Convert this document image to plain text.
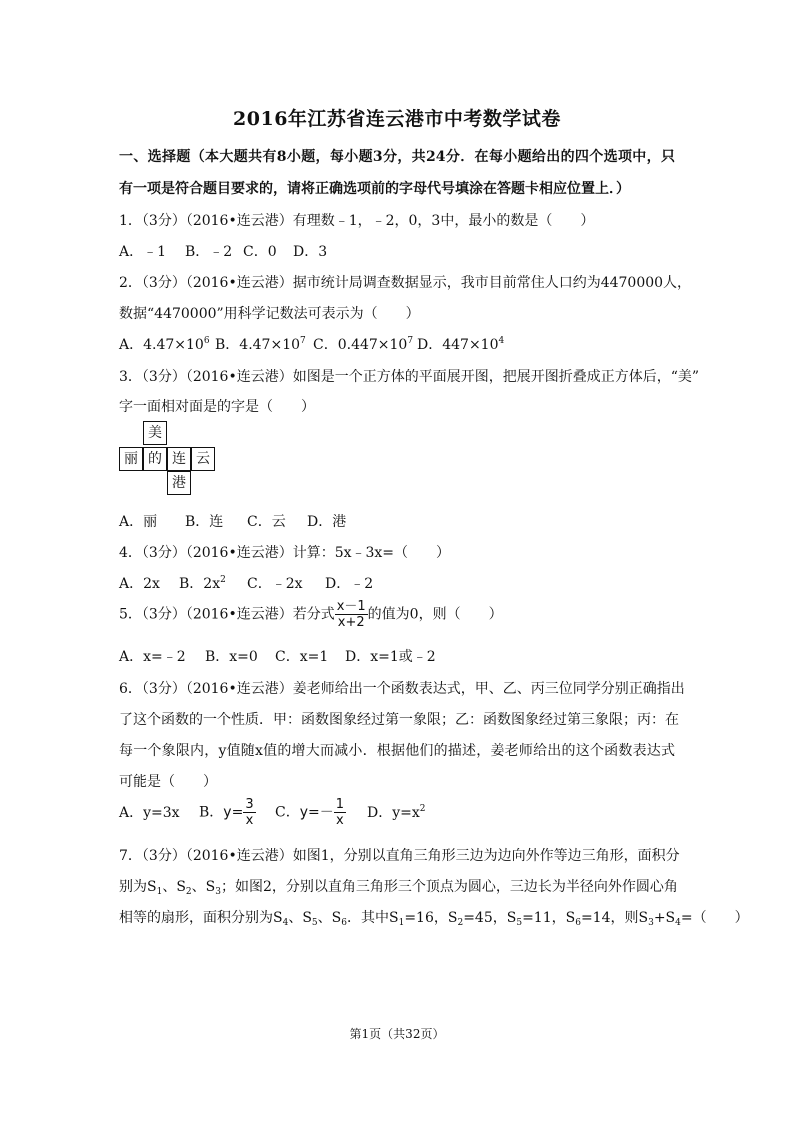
2016年江苏省连云港市中考数学试卷
一、选择题（本大题共有8小题，每小题3分，共24分．在每小题给出的四个选项中，只
有一项是符合题目要求的，请将正确选项前的字母代号填涂在答题卡相应位置上．）
1．（3分）（2016•连云港）有理数﹣1，﹣2，0，3中，最小的数是（　　）
A．﹣1 B．﹣2 C．0 D．3
2．（3分）（2016•连云港）据市统计局调查数据显示，我市目前常住人口约为4470000人，
数据“4470000”用科学记数法可表示为（　　）
A．$4.47\times 10^6$ B．$4.47\times 10^7$ C．$0.447\times 10^7$ D．$447\times 10^4$
3．（3分）（2016•连云港）如图是一个正方体的平面展开图，把展开图折叠成正方体后，“美”
字一面相对面是的字是（　　）
美
丽 的 连 云
港
A．丽 B．连 C．云 D．港
4．（3分）（2016•连云港）计算：5x﹣3x=（　　）
A．2x B．$2x^2$ C．﹣2x D．﹣2
5．（3分）（2016•连云港）若分式 $\frac{x-1}{x+2}$ 的值为0，则（　　）
A．x=﹣2 B．x=0 C．x=1 D．x=1或﹣2
6．（3分）（2016•连云港）姜老师给出一个函数表达式，甲、乙、丙三位同学分别正确指出
了这个函数的一个性质．甲：函数图象经过第一象限；乙：函数图象经过第三象限；丙：在
每一个象限内，y值随x值的增大而减小．根据他们的描述，姜老师给出的这个函数表达式
可能是（　　）
A．y=3x B．$y= \frac{3}{x}$ C．$y=- \frac{1}{x}$ D．$y=x^2$
7．（3分）（2016•连云港）如图1，分别以直角三角形三边为边向外作等边三角形，面积分
别为$S_1$、$S_2$、$S_3$；如图2，分别以直角三角形三个顶点为圆心，三边长为半径向外作圆心角
相等的扇形，面积分别为$S_4$、$S_5$、$S_6$．其中$S_1=16$，$S_2=45$，$S_5=11$，$S_6=14$，则$S_3+S_4=$（　　）
第1页（共32页）
